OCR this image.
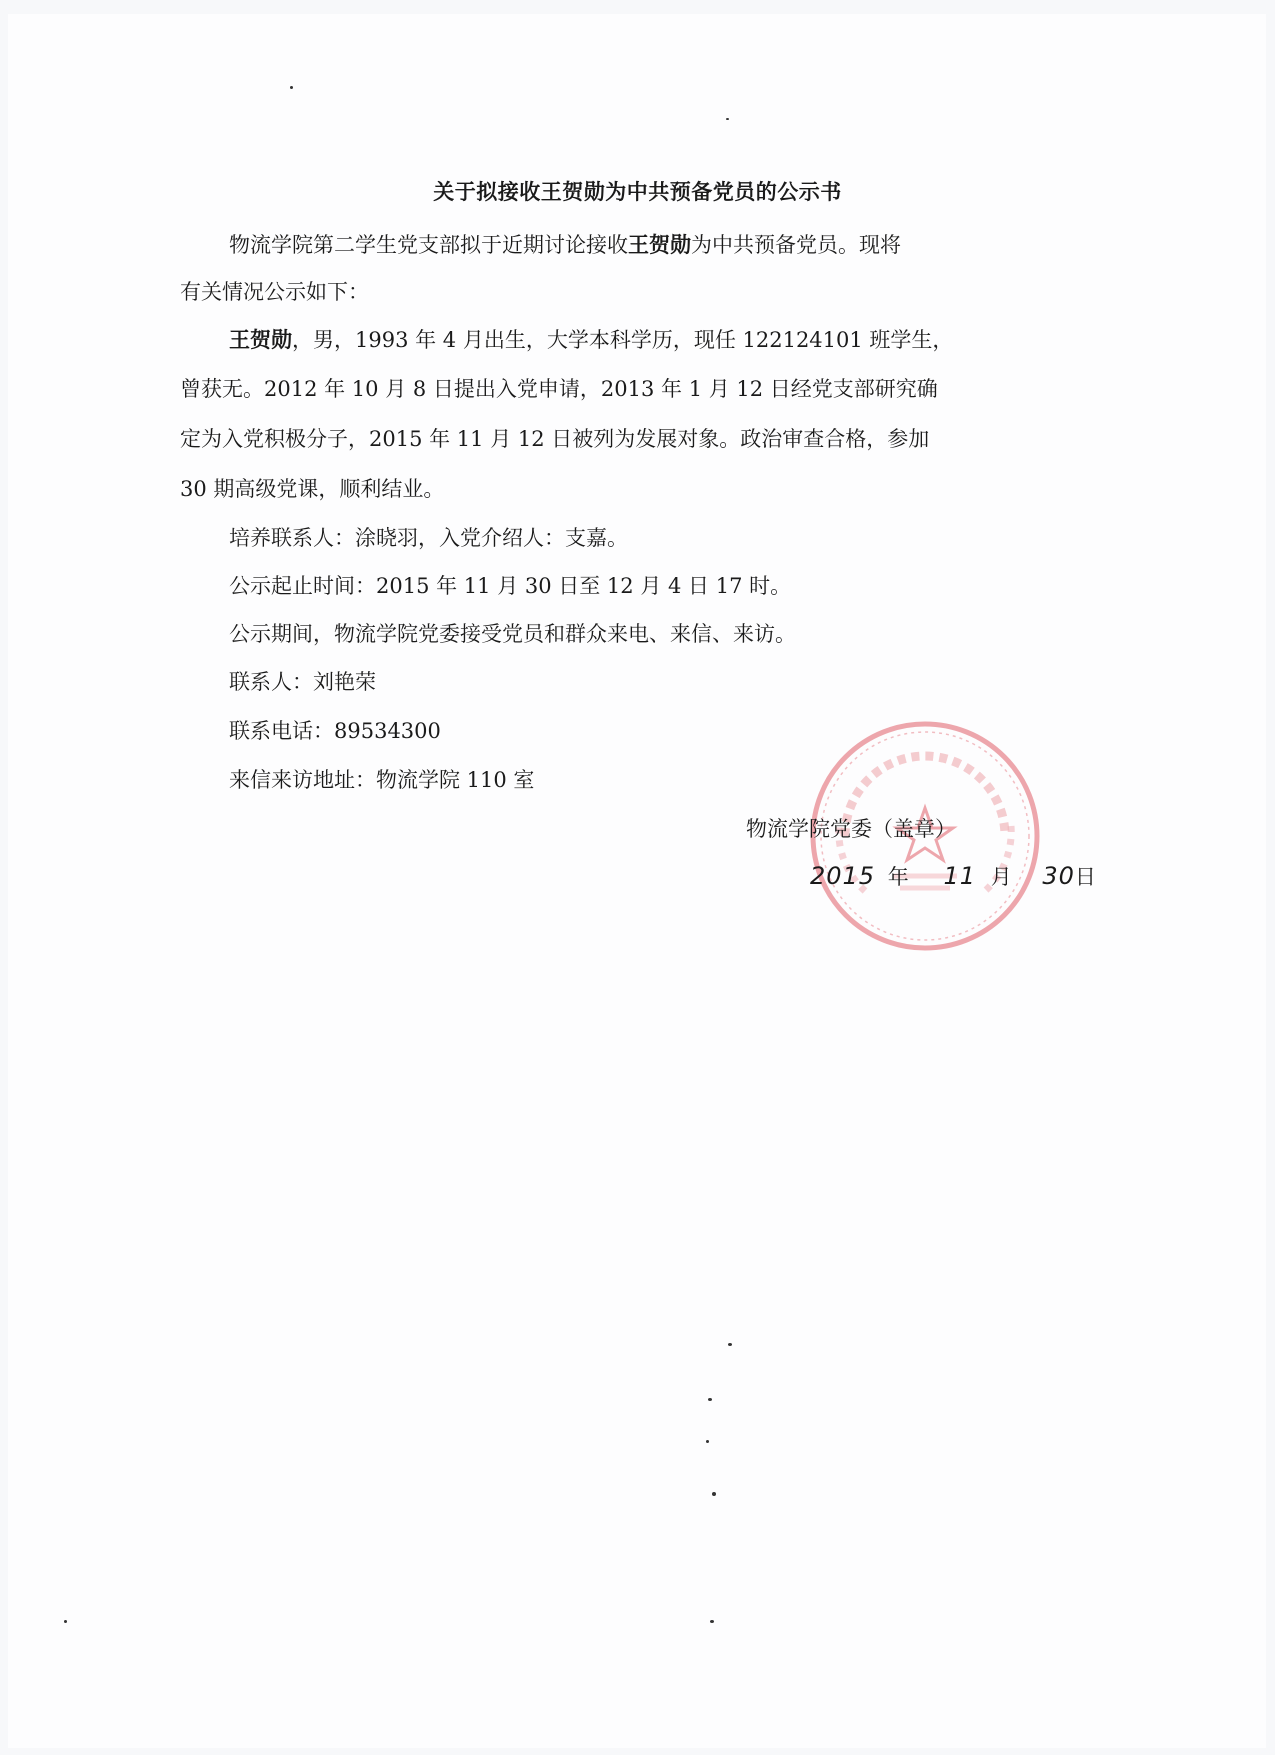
关于拟接收王贺勋为中共预备党员的公示书
物流学院第二学生党支部拟于近期讨论接收王贺勋为中共预备党员。现将
有关情况公示如下：
王贺勋，男，1993 年 4 月出生，大学本科学历，现任 122124101 班学生，
曾获无。2012 年 10 月 8 日提出入党申请，2013 年 1 月 12 日经党支部研究确
定为入党积极分子，2015 年 11 月 12 日被列为发展对象。政治审查合格，参加
30 期高级党课，顺利结业。
培养联系人：涂晓羽，入党介绍人：支嘉。
公示起止时间：2015 年 11 月 30 日至 12 月 4 日 17 时。
公示期间，物流学院党委接受党员和群众来电、来信、来访。
联系人：刘艳荣
联系电话：89534300
来信来访地址：物流学院 110 室
物流学院党委（盖章）
2015 年 11 月 30日
